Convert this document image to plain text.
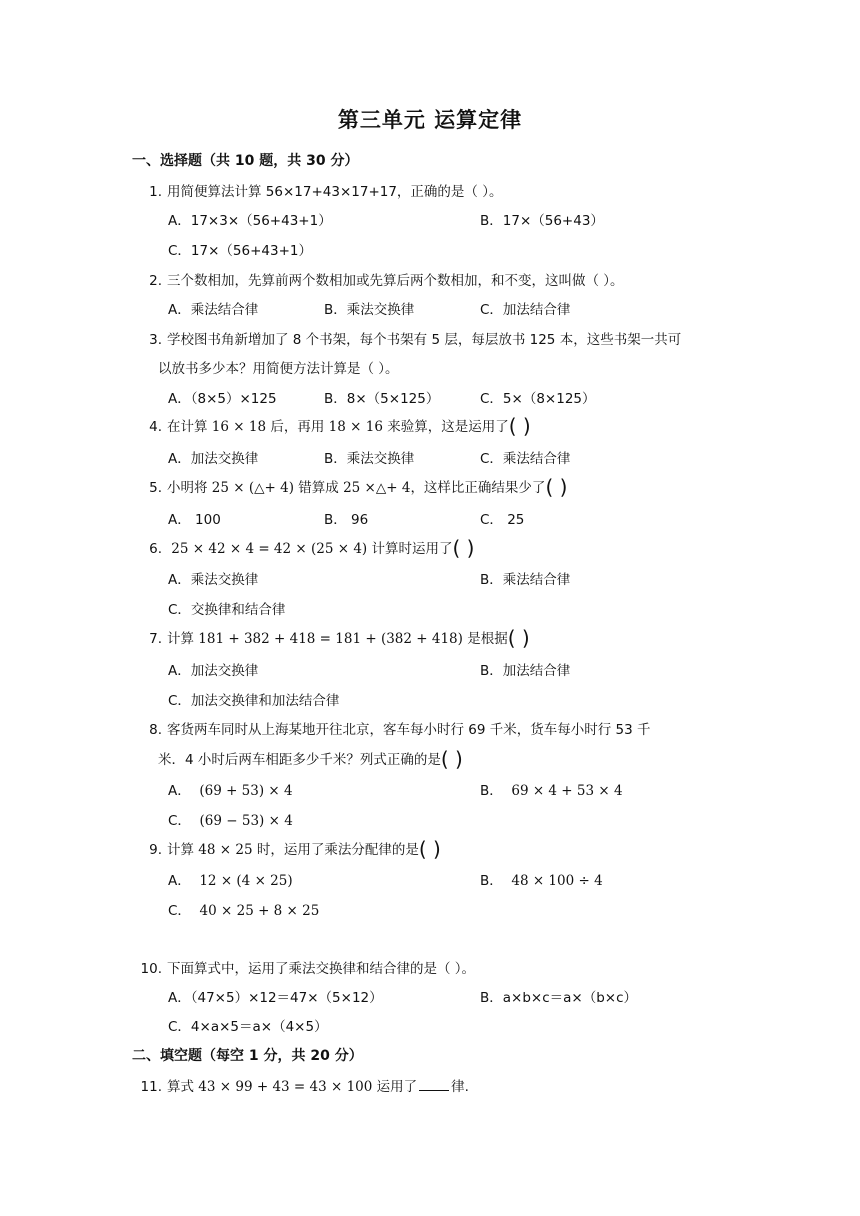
第三单元 运算定律
一、选择题（共 10 题，共 30 分）
1. 用简便算法计算 56×17+43×17+17，正确的是（ ）。
A．17×3×（56+43+1）	B．17×（56+43）
C．17×（56+43+1）
2. 三个数相加，先算前两个数相加或先算后两个数相加，和不变，这叫做（ ）。
A．乘法结合律	B．乘法交换律	C．加法结合律
3. 学校图书角新增加了 8 个书架，每个书架有 5 层，每层放书 125 本，这些书架一共可
以放书多少本？用简便方法计算是（ ）。
A．（8×5）×125	B．8×（5×125）	C．5×（8×125）
4. 在计算 16 × 18 后，再用 18 × 16 来验算，这是运用了( )
A．加法交换律	B．乘法交换律	C．乘法结合律
5. 小明将 25 × (△+ 4) 错算成 25 ×△+ 4，这样比正确结果少了( )
A． 100	B． 96	C． 25
6. 25 × 42 × 4 = 42 × (25 × 4) 计算时运用了( )
A．乘法交换律	B．乘法结合律
C．交换律和结合律
7. 计算 181 + 382 + 418 = 181 + (382 + 418) 是根据( )
A．加法交换律	B．加法结合律
C．加法交换律和加法结合律
8. 客货两车同时从上海某地开往北京，客车每小时行 69 千米，货车每小时行 53 千
米．4 小时后两车相距多少千米？列式正确的是( )
A． (69 + 53) × 4	B． 69 × 4 + 53 × 4
C． (69 − 53) × 4
9. 计算 48 × 25 时，运用了乘法分配律的是( )
A． 12 × (4 × 25)	B． 48 × 100 ÷ 4
C． 40 × 25 + 8 × 25
10. 下面算式中，运用了乘法交换律和结合律的是（ ）。
A．（47×5）×12＝47×（5×12）	B．a×b×c＝a×（b×c）
C．4×a×5＝a×（4×5）
二、填空题（每空 1 分，共 20 分）
11. 算式 43 × 99 + 43 = 43 × 100 运用了	律.
